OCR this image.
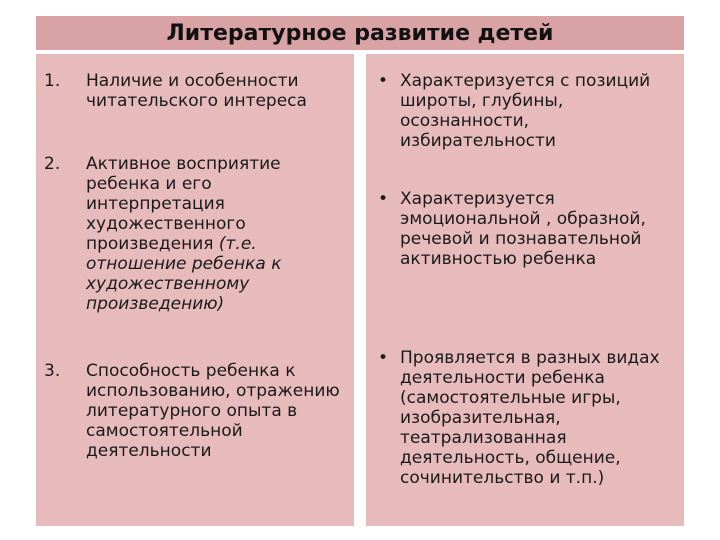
Литературное развитие детей
1. Наличие и особенности читательского интереса
2. Активное восприятие ребенка и его интерпретация художественного произведения (т.е. отношение ребенка к художественному произведению)
3. Способность ребенка к использованию, отражению литературного опыта в самостоятельной деятельности
• Характеризуется с позиций широты, глубины, осознанности, избирательности
• Характеризуется эмоциональной , образной, речевой и познавательной активностью ребенка
• Проявляется в разных видах деятельности ребенка (самостоятельные игры, изобразительная, театрализованная деятельность, общение, сочинительство и т.п.)
